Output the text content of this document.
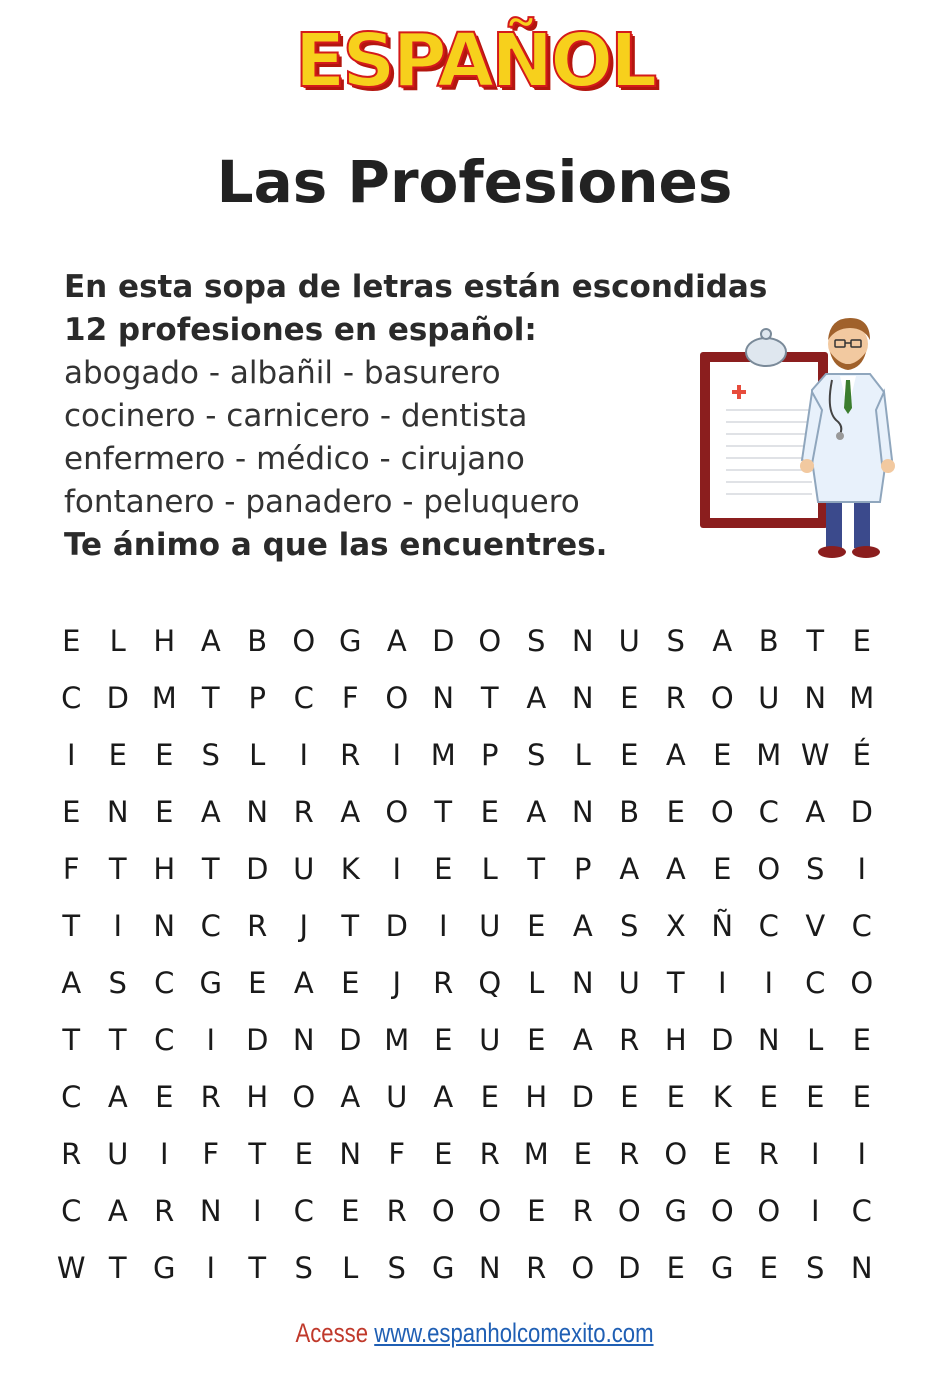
ESPAÑOL
Las Profesiones
En esta sopa de letras están escondidas
12 profesiones en español:
abogado - albañil - basurero
cocinero - carnicero - dentista
enfermero - médico - cirujano
fontanero - panadero - peluquero
Te ánimo a que las encuentres.
E	L	H	A	B	O	G	A	D	O	S	N	U	S	A	B	T	E
C	D	M	T	P	C	F	O	N	T	A	N	E	R	O	U	N	M
I	E	E	S	L	I	R	I	M	P	S	L	E	A	E	M	W	É
E	N	E	A	N	R	A	O	T	E	A	N	B	E	O	C	A	D
F	T	H	T	D	U	K	I	E	L	T	P	A	A	E	O	S	I
T	I	N	C	R	J	T	D	I	U	E	A	S	X	Ñ	C	V	C
A	S	C	G	E	A	E	J	R	Q	L	N	U	T	I	I	C	O
T	T	C	I	D	N	D	M	E	U	E	A	R	H	D	N	L	E
C	A	E	R	H	O	A	U	A	E	H	D	E	E	K	E	E	E
R	U	I	F	T	E	N	F	E	R	M	E	R	O	E	R	I	I
C	A	R	N	I	C	E	R	O	O	E	R	O	G	O	O	I	C
W	T	G	I	T	S	L	S	G	N	R	O	D	E	G	E	S	N
Acesse www.espanholcomexito.com
